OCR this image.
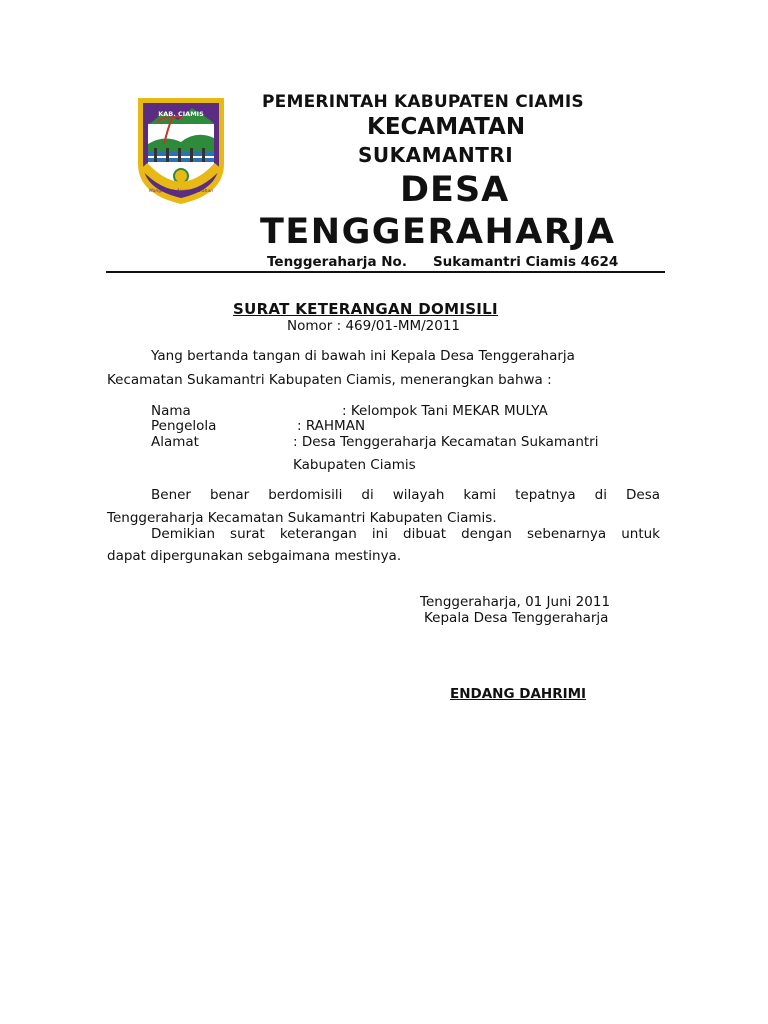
KAB. CIAMIS
Mangkunan Ayuna Kadiahan
PEMERINTAH KABUPATEN CIAMIS
KECAMATAN
SUKAMANTRI
DESA
TENGGERAHARJA
Tenggeraharja No. Sukamantri Ciamis 4624
SURAT KETERANGAN DOMISILI
Nomor : 469/01-MM/2011
Yang bertanda tangan di bawah ini Kepala Desa Tenggeraharja
Kecamatan Sukamantri Kabupaten Ciamis, menerangkan bahwa :
Nama	: Kelompok Tani MEKAR MULYA
Pengelola	: RAHMAN
Alamat	: Desa Tenggeraharja Kecamatan Sukamantri
Kabupaten Ciamis
Bener benar berdomisili di wilayah kami tepatnya di Desa
Tenggeraharja Kecamatan Sukamantri Kabupaten Ciamis.
Demikian surat keterangan ini dibuat dengan sebenarnya untuk
dapat dipergunakan sebgaimana mestinya.
Tenggeraharja, 01 Juni 2011
Kepala Desa Tenggeraharja
ENDANG DAHRIMI
